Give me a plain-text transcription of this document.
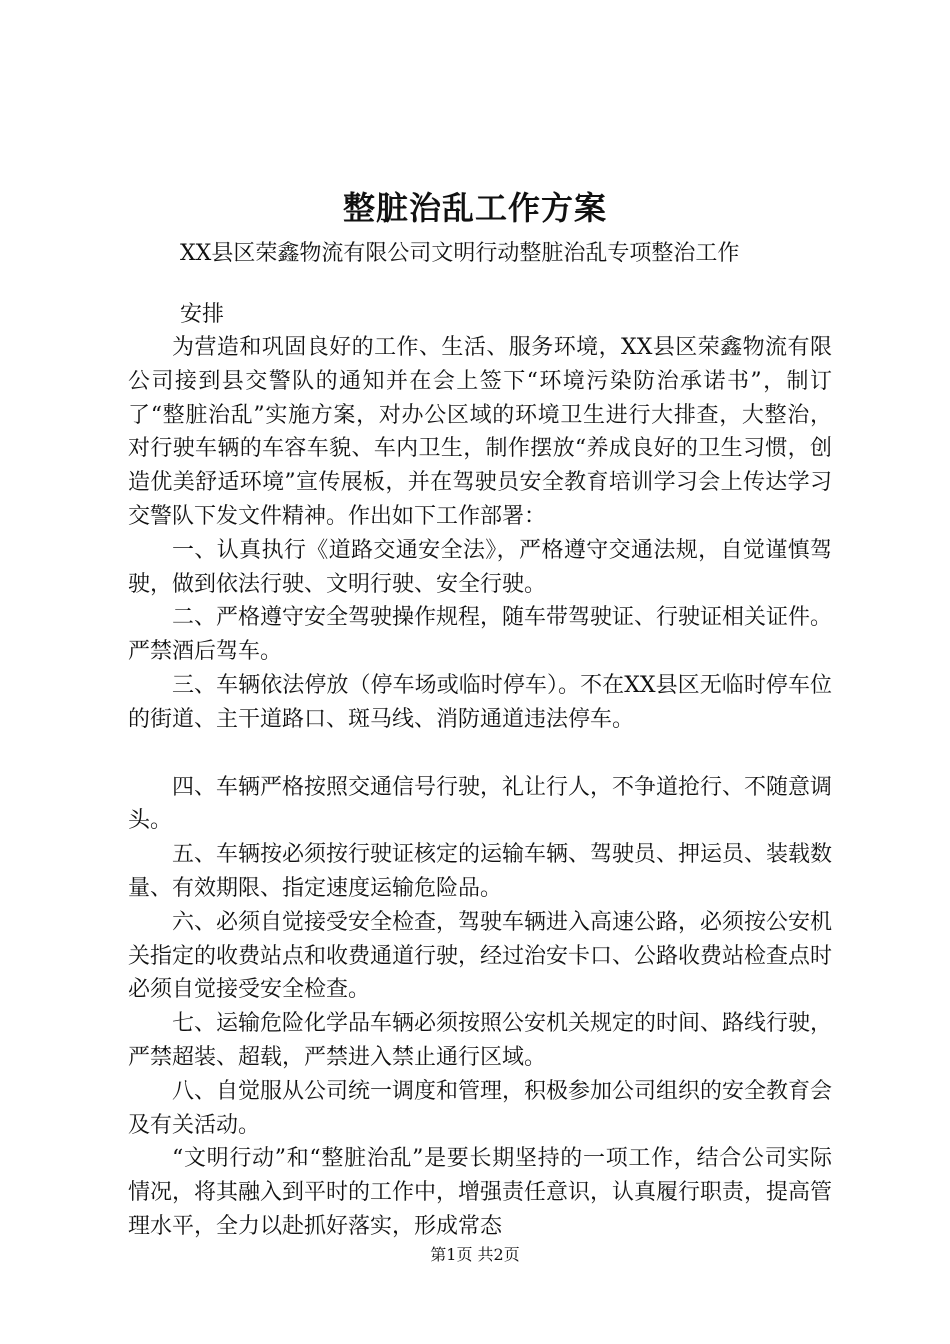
整脏治乱工作方案
XX县区荣鑫物流有限公司文明行动整脏治乱专项整治工作
安排

为营造和巩固良好的工作、生活、服务环境，XX县区荣鑫物流有限公司接到县交警队的通知并在会上签下“环境污染防治承诺书”，制订了“整脏治乱”实施方案，对办公区域的环境卫生进行大排查，大整治，对行驶车辆的车容车貌、车内卫生，制作摆放“养成良好的卫生习惯，创造优美舒适环境”宣传展板，并在驾驶员安全教育培训学习会上传达学习交警队下发文件精神。作出如下工作部署：

一、认真执行《道路交通安全法》，严格遵守交通法规，自觉谨慎驾驶，做到依法行驶、文明行驶、安全行驶。

二、严格遵守安全驾驶操作规程，随车带驾驶证、行驶证相关证件。严禁酒后驾车。

三、车辆依法停放（停车场或临时停车）。不在XX县区无临时停车位的街道、主干道路口、斑马线、消防通道违法停车。

四、车辆严格按照交通信号行驶，礼让行人，不争道抢行、不随意调头。

五、车辆按必须按行驶证核定的运输车辆、驾驶员、押运员、装载数量、有效期限、指定速度运输危险品。

六、必须自觉接受安全检查，驾驶车辆进入高速公路，必须按公安机关指定的收费站点和收费通道行驶，经过治安卡口、公路收费站检查点时必须自觉接受安全检查。

七、运输危险化学品车辆必须按照公安机关规定的时间、路线行驶，严禁超装、超载，严禁进入禁止通行区域。

八、自觉服从公司统一调度和管理，积极参加公司组织的安全教育会及有关活动。

“文明行动”和“整脏治乱”是要长期坚持的一项工作，结合公司实际情况，将其融入到平时的工作中，增强责任意识，认真履行职责，提高管理水平，全力以赴抓好落实，形成常态

第1页 共2页
